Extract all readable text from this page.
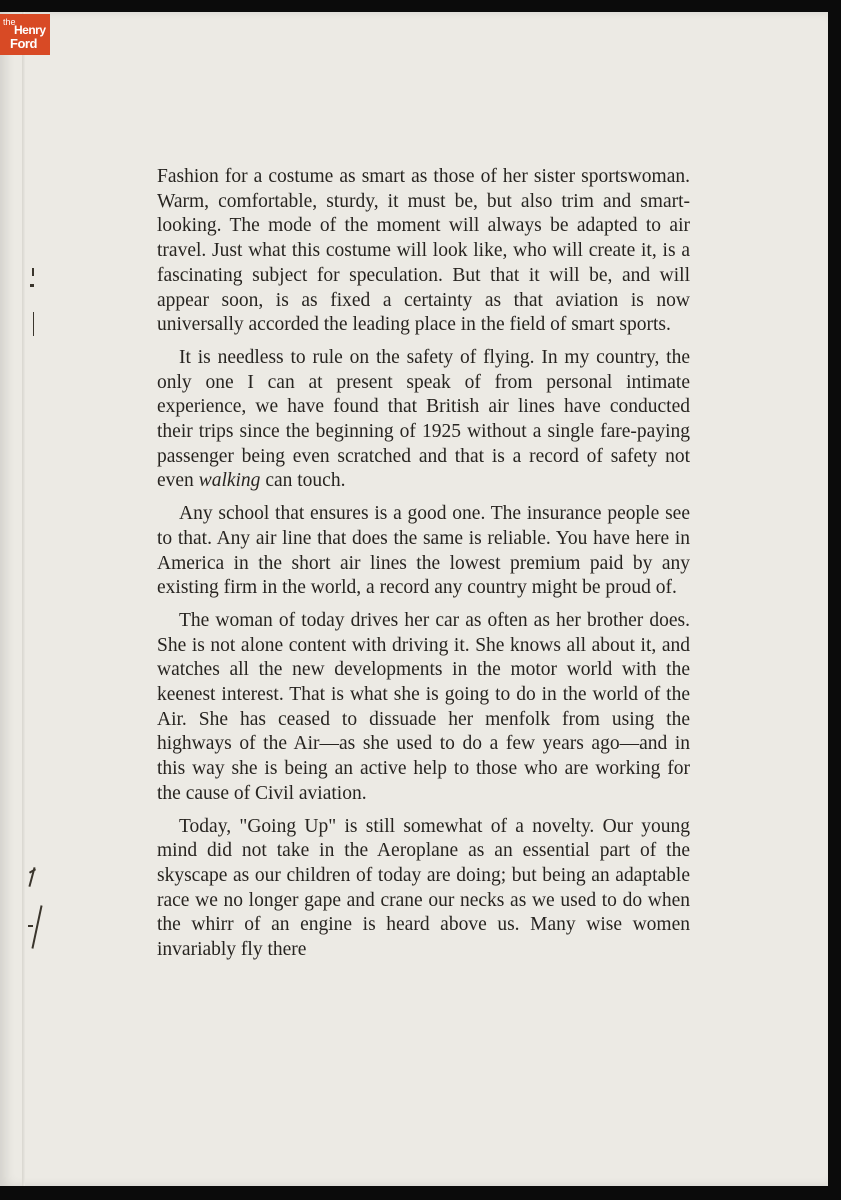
Fashion for a costume as smart as those of her sister sportswoman. Warm, comfortable, sturdy, it must be, but also trim and smart-looking. The mode of the moment will always be adapted to air travel. Just what this costume will look like, who will create it, is a fascinating subject for speculation. But that it will be, and will appear soon, is as fixed a certainty as that aviation is now universally accorded the leading place in the field of smart sports.

It is needless to rule on the safety of flying. In my country, the only one I can at present speak of from personal intimate experience, we have found that British air lines have conducted their trips since the beginning of 1925 without a single fare-paying passenger being even scratched and that is a record of safety not even walking can touch.

Any school that ensures is a good one. The insurance people see to that. Any air line that does the same is reliable. You have here in America in the short air lines the lowest premium paid by any existing firm in the world, a record any country might be proud of.

The woman of today drives her car as often as her brother does. She is not alone content with driving it. She knows all about it, and watches all the new developments in the motor world with the keenest interest. That is what she is going to do in the world of the Air. She has ceased to dissuade her menfolk from using the highways of the Air—as she used to do a few years ago—and in this way she is being an active help to those who are working for the cause of Civil aviation.

Today, "Going Up" is still somewhat of a novelty. Our young mind did not take in the Aeroplane as an essential part of the skyscape as our children of today are doing; but being an adaptable race we no longer gape and crane our necks as we used to do when the whirr of an engine is heard above us. Many wise women invariably fly there

the
Henry
Ford
